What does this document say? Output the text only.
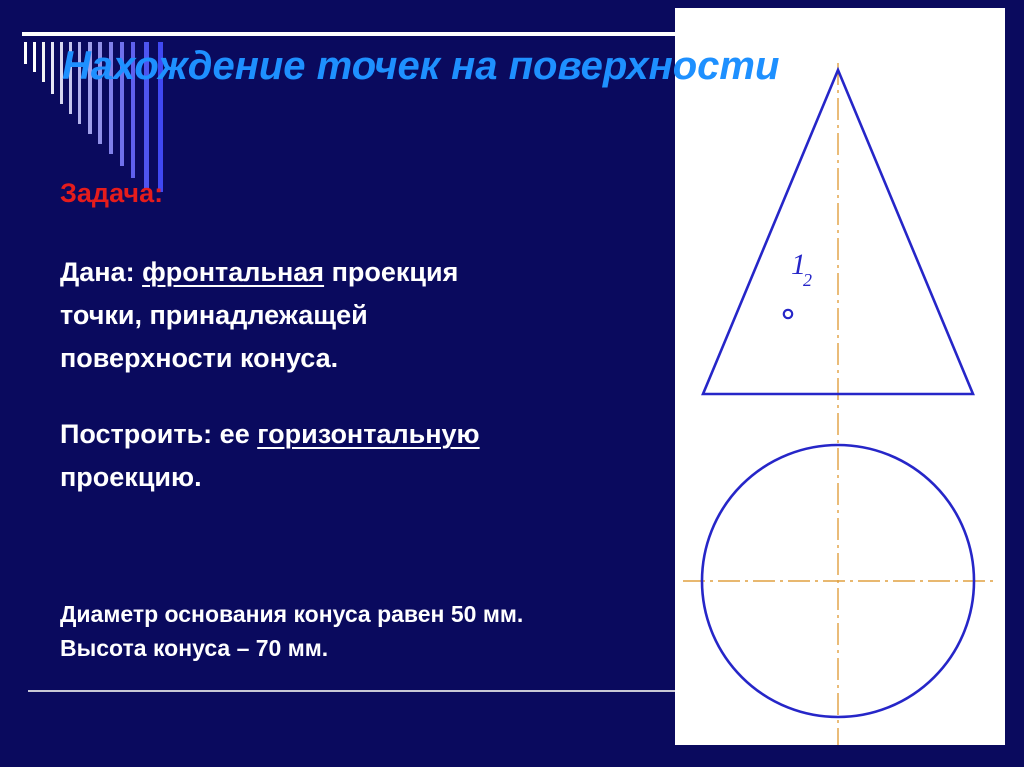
Нахождение точек на поверхности

Задача:

Дана: фронтальная проекция
точки, принадлежащей
поверхности конуса.

Построить: ее горизонтальную
проекцию.

Диаметр основания конуса равен 50 мм.
Высота конуса – 70 мм.

1
2
